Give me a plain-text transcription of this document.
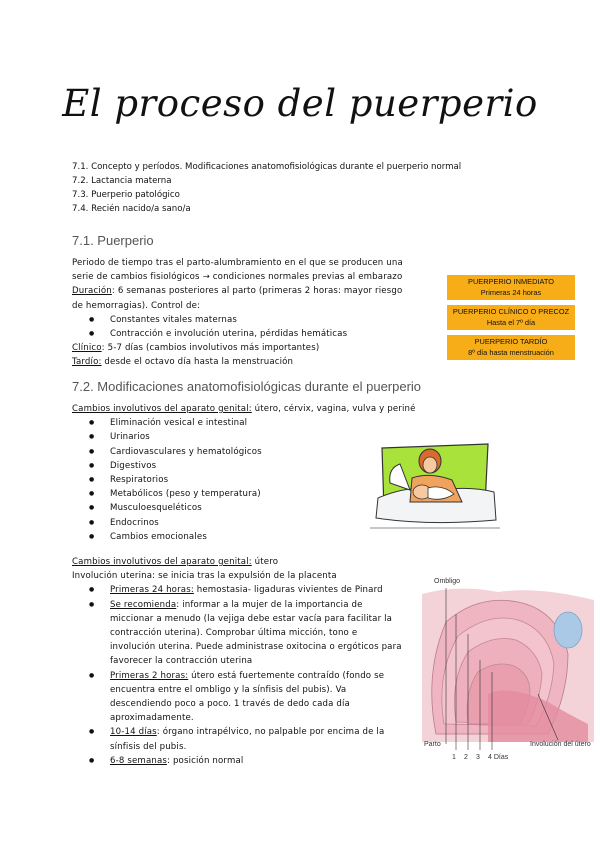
El proceso del puerperio
7.1. Concepto y períodos. Modificaciones anatomofisiológicas durante el puerperio normal
7.2. Lactancia materna
7.3. Puerperio patológico
7.4. Recién nacido/a sano/a
7.1. Puerperio
Periodo de tiempo tras el parto-alumbramiento en el que se producen una
serie de cambios fisiológicos → condiciones normales previas al embarazo
Duración: 6 semanas posteriores al parto (primeras 2 horas: mayor riesgo
de hemorragias). Control de:
● Constantes vitales maternas
● Contracción e involución uterina, pérdidas hemáticas
Clínico: 5-7 días (cambios involutivos más importantes)
Tardío: desde el octavo día hasta la menstruación
PUERPERIO INMEDIATO
Primeras 24 horas
PUERPERIO CLÍNICO O PRECOZ
Hasta el 7º día
PUERPERIO TARDÍO
8º día hasta menstruación
7.2. Modificaciones anatomofisiológicas durante el puerperio
Cambios involutivos del aparato genital: útero, cérvix, vagina, vulva y periné
● Eliminación vesical e intestinal
● Urinarios
● Cardiovasculares y hematológicos
● Digestivos
● Respiratorios
● Metabólicos (peso y temperatura)
● Musculoesqueléticos
● Endocrinos
● Cambios emocionales
Cambios involutivos del aparato genital: útero
Involución uterina: se inicia tras la expulsión de la placenta
● Primeras 24 horas: hemostasia- ligaduras vivientes de Pinard
● Se recomienda: informar a la mujer de la importancia de miccionar a menudo (la vejiga debe estar vacía para facilitar la contracción uterina). Comprobar última micción, tono e involución uterina. Puede administrase oxitocina o ergóticos para favorecer la contracción uterina
● Primeras 2 horas: útero está fuertemente contraído (fondo se encuentra entre el ombligo y la sínfisis del pubis). Va descendiendo poco a poco. 1 través de dedo cada día aproximadamente.
● 10-14 días: órgano intrapélvico, no palpable por encima de la sínfisis del pubis.
● 6-8 semanas: posición normal
Ombligo
Parto	Involución del útero
1 2 3 4 Días
